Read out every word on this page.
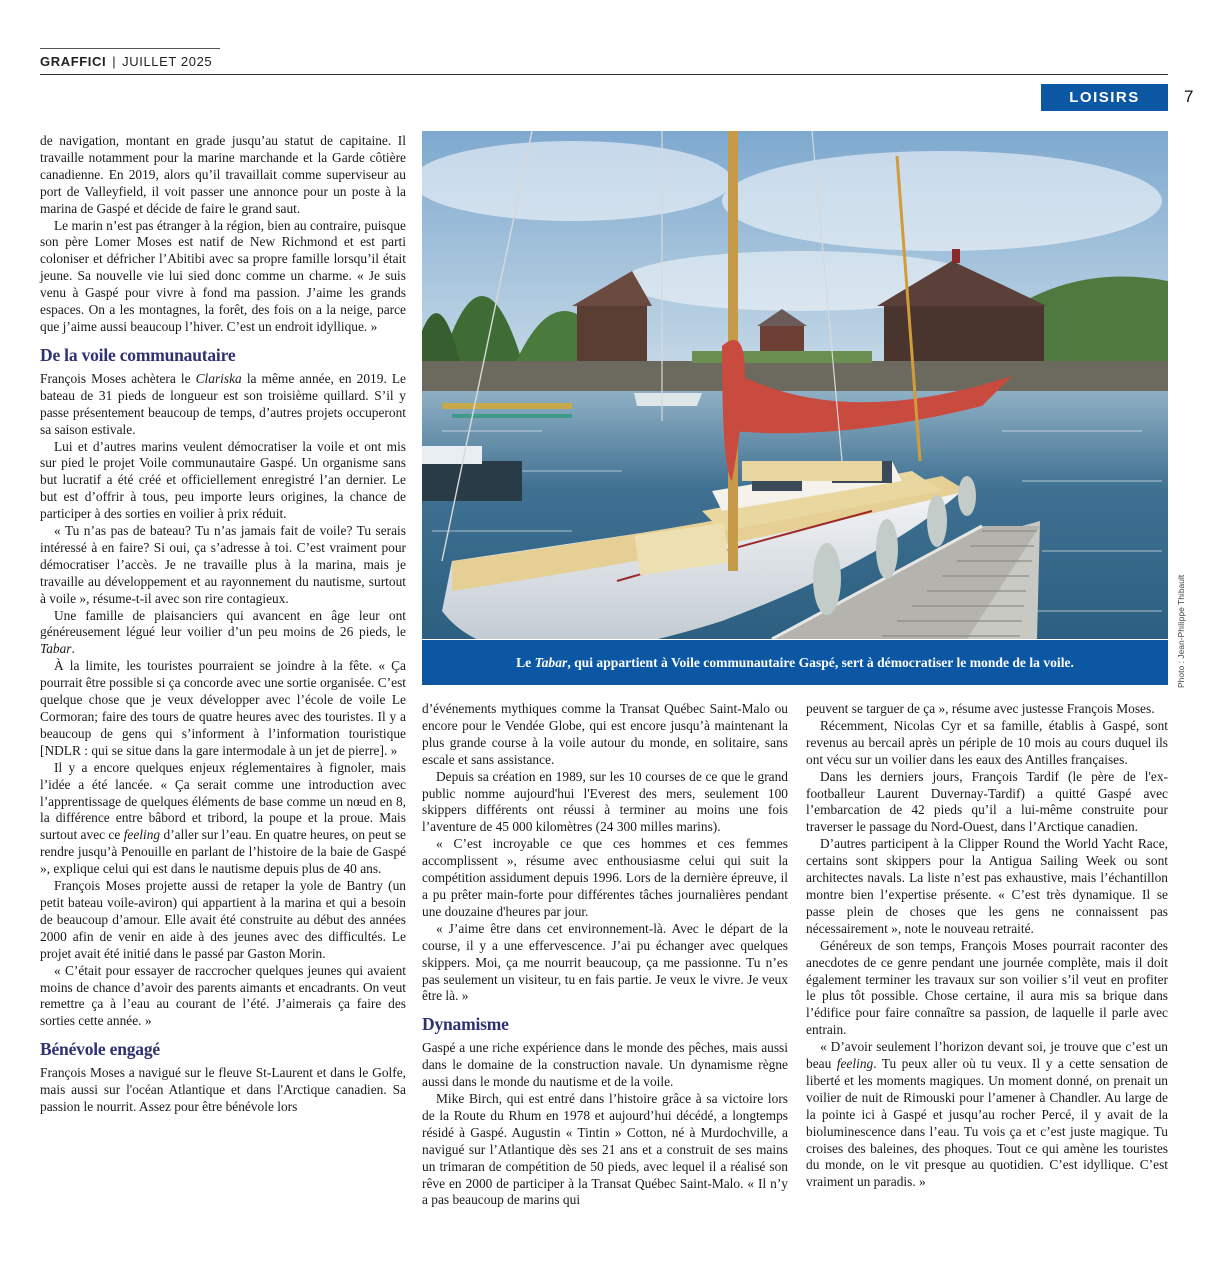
GRAFFICI | JUILLET 2025
LOISIRS	7

de navigation, montant en grade jusqu’au statut de capitaine. Il travaille notamment pour la marine marchande et la Garde côtière canadienne. En 2019, alors qu’il travaillait comme superviseur au port de Valleyfield, il voit passer une annonce pour un poste à la marina de Gaspé et décide de faire le grand saut.

Le marin n’est pas étranger à la région, bien au contraire, puisque son père Lomer Moses est natif de New Richmond et est parti coloniser et défricher l’Abitibi avec sa propre famille lorsqu’il était jeune. Sa nouvelle vie lui sied donc comme un charme. « Je suis venu à Gaspé pour vivre à fond ma passion. J’aime les grands espaces. On a les montagnes, la forêt, des fois on a la neige, parce que j’aime aussi beaucoup l’hiver. C’est un endroit idyllique. »

De la voile communautaire

François Moses achètera le Clariska la même année, en 2019. Le bateau de 31 pieds de longueur est son troisième quillard. S’il y passe présentement beaucoup de temps, d’autres projets occuperont sa saison estivale.

Lui et d’autres marins veulent démocratiser la voile et ont mis sur pied le projet Voile communautaire Gaspé. Un organisme sans but lucratif a été créé et officiellement enregistré l’an dernier. Le but est d’offrir à tous, peu importe leurs origines, la chance de participer à des sorties en voilier à prix réduit.

« Tu n’as pas de bateau? Tu n’as jamais fait de voile? Tu serais intéressé à en faire? Si oui, ça s’adresse à toi. C’est vraiment pour démocratiser l’accès. Je ne travaille plus à la marina, mais je travaille au développement et au rayonnement du nautisme, surtout à voile », résume-t-il avec son rire contagieux.

Une famille de plaisanciers qui avancent en âge leur ont généreusement légué leur voilier d’un peu moins de 26 pieds, le Tabar.

À la limite, les touristes pourraient se joindre à la fête. « Ça pourrait être possible si ça concorde avec une sortie organisée. C’est quelque chose que je veux développer avec l’école de voile Le Cormoran; faire des tours de quatre heures avec des touristes. Il y a beaucoup de gens qui s’informent à l’information touristique [NDLR : qui se situe dans la gare intermodale à un jet de pierre]. »

Il y a encore quelques enjeux réglementaires à fignoler, mais l’idée a été lancée. « Ça serait comme une introduction avec l’apprentissage de quelques éléments de base comme un nœud en 8, la différence entre bâbord et tribord, la poupe et la proue. Mais surtout avec ce feeling d’aller sur l’eau. En quatre heures, on peut se rendre jusqu’à Penouille en parlant de l’histoire de la baie de Gaspé », explique celui qui est dans le nautisme depuis plus de 40 ans.

François Moses projette aussi de retaper la yole de Bantry (un petit bateau voile-aviron) qui appartient à la marina et qui a besoin de beaucoup d’amour. Elle avait été construite au début des années 2000 afin de venir en aide à des jeunes avec des difficultés. Le projet avait été initié dans le passé par Gaston Morin.

« C’était pour essayer de raccrocher quelques jeunes qui avaient moins de chance d’avoir des parents aimants et encadrants. On veut remettre ça à l’eau au courant de l’été. J’aimerais ça faire des sorties cette année. »

Bénévole engagé

François Moses a navigué sur le fleuve St-Laurent et dans le Golfe, mais aussi sur l'océan Atlantique et dans l'Arctique canadien. Sa passion le nourrit. Assez pour être bénévole lors

Le
Tabar , qui appartient à Voile communautaire Gaspé, sert à démocratiser le monde de la voile.	Photo : Jean-Philippe Thibault

d’événements mythiques comme la Transat Québec Saint-Malo ou encore pour le Vendée Globe, qui est encore jusqu’à maintenant la plus grande course à la voile autour du monde, en solitaire, sans escale et sans assistance.

Depuis sa création en 1989, sur les 10 courses de ce que le grand public nomme aujourd'hui l'Everest des mers, seulement 100 skippers différents ont réussi à terminer au moins une fois l’aventure de 45 000 kilomètres (24 300 milles marins).

« C’est incroyable ce que ces hommes et ces femmes accomplissent », résume avec enthousiasme celui qui suit la compétition assidument depuis 1996. Lors de la dernière épreuve, il a pu prêter main-forte pour différentes tâches journalières pendant une douzaine d'heures par jour.

« J’aime être dans cet environnement-là. Avec le départ de la course, il y a une effervescence. J’ai pu échanger avec quelques skippers. Moi, ça me nourrit beaucoup, ça me passionne. Tu n’es pas seulement un visiteur, tu en fais partie. Je veux le vivre. Je veux être là. »

Dynamisme

Gaspé a une riche expérience dans le monde des pêches, mais aussi dans le domaine de la construction navale. Un dynamisme règne aussi dans le monde du nautisme et de la voile.

Mike Birch, qui est entré dans l’histoire grâce à sa victoire lors de la Route du Rhum en 1978 et aujourd’hui décédé, a longtemps résidé à Gaspé. Augustin « Tintin » Cotton, né à Murdochville, a navigué sur l’Atlantique dès ses 21 ans et a construit de ses mains un trimaran de compétition de 50 pieds, avec lequel il a réalisé son rêve en 2000 de participer à la Transat Québec Saint-Malo. « Il n’y a pas beaucoup de marins qui

peuvent se targuer de ça », résume avec justesse François Moses.

Récemment, Nicolas Cyr et sa famille, établis à Gaspé, sont revenus au bercail après un périple de 10 mois au cours duquel ils ont vécu sur un voilier dans les eaux des Antilles françaises.

Dans les derniers jours, François Tardif (le père de l'ex-footballeur Laurent Duvernay-Tardif) a quitté Gaspé avec l’embarcation de 42 pieds qu’il a lui-même construite pour traverser le passage du Nord-Ouest, dans l’Arctique canadien.

D’autres participent à la Clipper Round the World Yacht Race, certains sont skippers pour la Antigua Sailing Week ou sont architectes navals. La liste n’est pas exhaustive, mais l’échantillon montre bien l’expertise présente. « C’est très dynamique. Il se passe plein de choses que les gens ne connaissent pas nécessairement », note le nouveau retraité.

Généreux de son temps, François Moses pourrait raconter des anecdotes de ce genre pendant une journée complète, mais il doit également terminer les travaux sur son voilier s’il veut en profiter le plus tôt possible. Chose certaine, il aura mis sa brique dans l’édifice pour faire connaître sa passion, de laquelle il parle avec entrain.

« D’avoir seulement l’horizon devant soi, je trouve que c’est un beau feeling. Tu peux aller où tu veux. Il y a cette sensation de liberté et les moments magiques. Un moment donné, on prenait un voilier de nuit de Rimouski pour l’amener à Chandler. Au large de la pointe ici à Gaspé et jusqu’au rocher Percé, il y avait de la bioluminescence dans l’eau. Tu vois ça et c’est juste magique. Tu croises des baleines, des phoques. Tout ce qui amène les touristes du monde, on le vit presque au quotidien. C’est idyllique. C’est vraiment un paradis. »
